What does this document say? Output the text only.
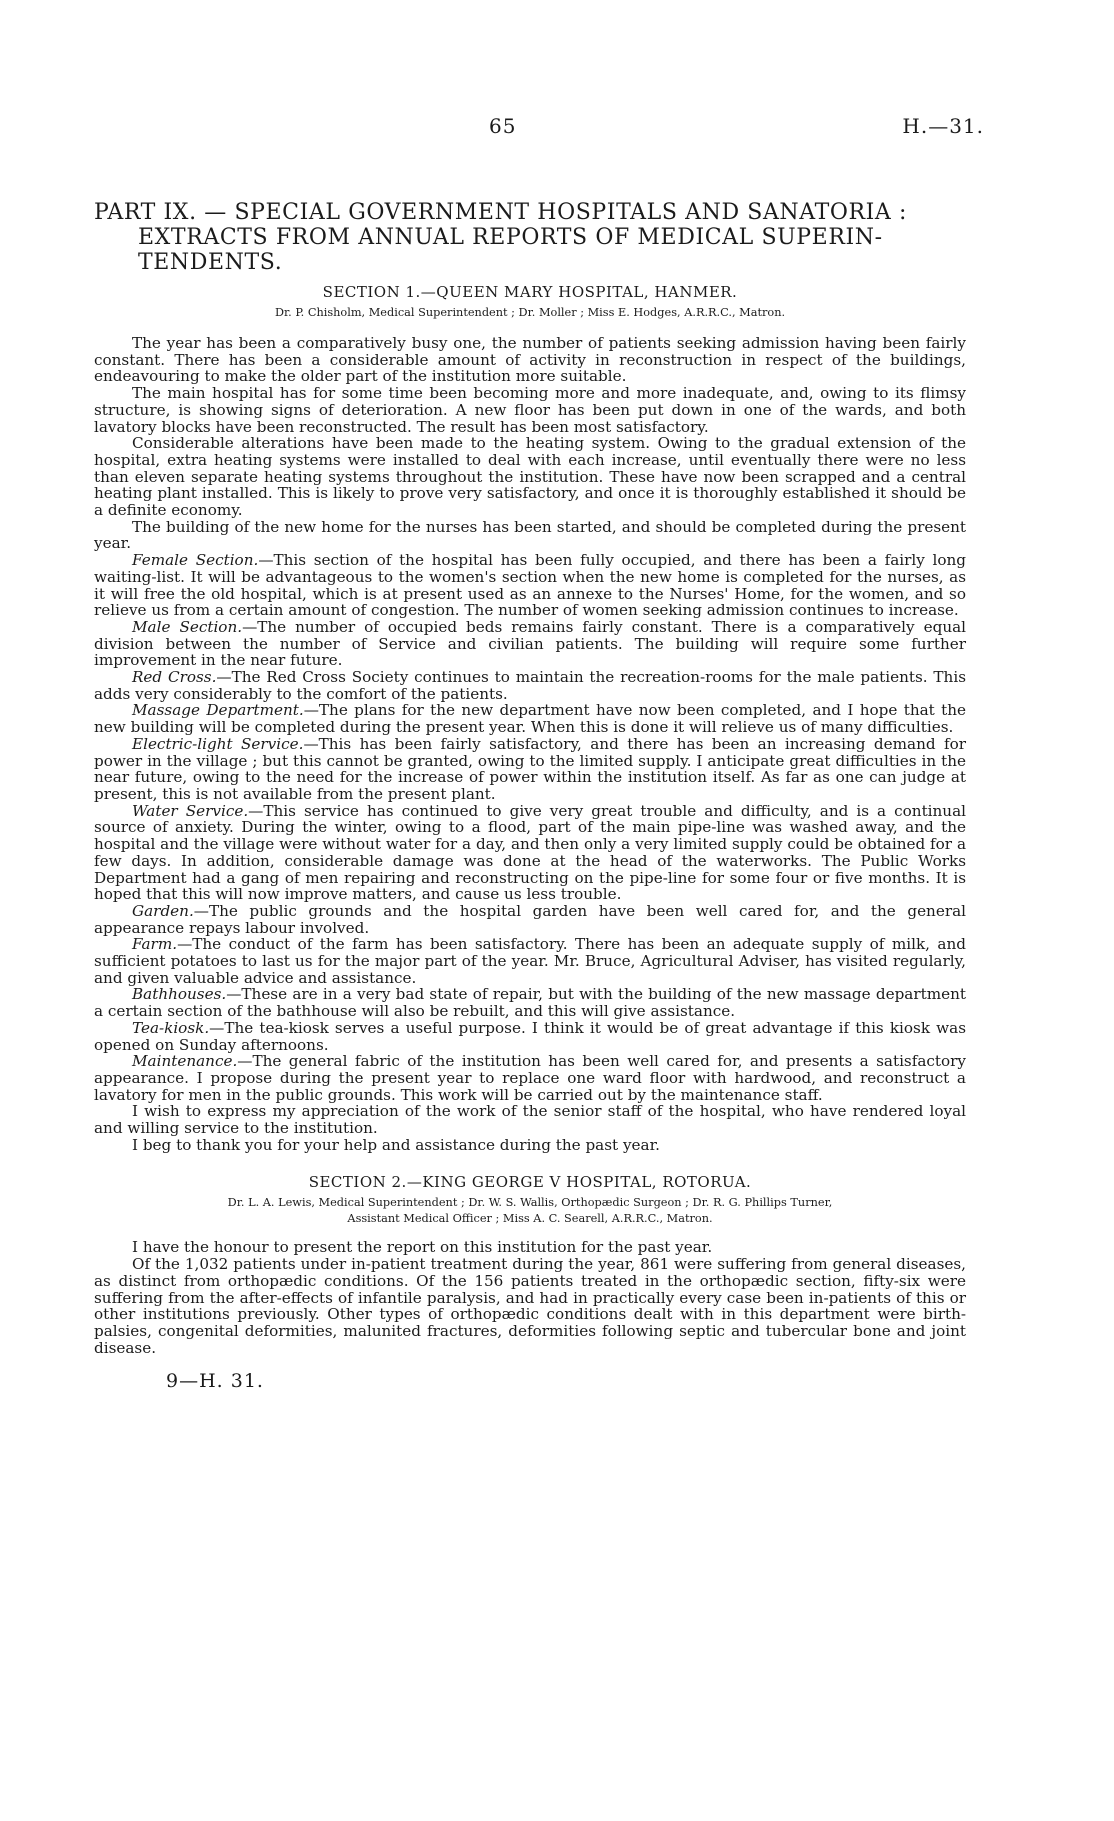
65	H.—31.
PART IX. — SPECIAL GOVERNMENT HOSPITALS AND SANATORIA :
EXTRACTS FROM ANNUAL REPORTS OF MEDICAL SUPERIN-
TENDENTS.
SECTION 1.—QUEEN MARY HOSPITAL, HANMER.
Dr. P. Chisholm, Medical Superintendent ; Dr. Moller ; Miss E. Hodges, A.R.R.C., Matron.

The year has been a comparatively busy one, the number of patients seeking admission having been fairly constant. There has been a considerable amount of activity in reconstruction in respect of the buildings, endeavouring to make the older part of the institution more suitable.

The main hospital has for some time been becoming more and more inadequate, and, owing to its flimsy structure, is showing signs of deterioration. A new floor has been put down in one of the wards, and both lavatory blocks have been reconstructed. The result has been most satisfactory.

Considerable alterations have been made to the heating system. Owing to the gradual extension of the hospital, extra heating systems were installed to deal with each increase, until eventually there were no less than eleven separate heating systems throughout the institution. These have now been scrapped and a central heating plant installed. This is likely to prove very satisfactory, and once it is thoroughly established it should be a definite economy.

The building of the new home for the nurses has been started, and should be completed during the present year.

Female Section.—This section of the hospital has been fully occupied, and there has been a fairly long waiting-list. It will be advantageous to the women's section when the new home is completed for the nurses, as it will free the old hospital, which is at present used as an annexe to the Nurses' Home, for the women, and so relieve us from a certain amount of congestion. The number of women seeking admission continues to increase.

Male Section.—The number of occupied beds remains fairly constant. There is a comparatively equal division between the number of Service and civilian patients. The building will require some further improvement in the near future.

Red Cross.—The Red Cross Society continues to maintain the recreation-rooms for the male patients. This adds very considerably to the comfort of the patients.

Massage Department.—The plans for the new department have now been completed, and I hope that the new building will be completed during the present year. When this is done it will relieve us of many difficulties.

Electric-light Service.—This has been fairly satisfactory, and there has been an increasing demand for power in the village ; but this cannot be granted, owing to the limited supply. I anticipate great difficulties in the near future, owing to the need for the increase of power within the institution itself. As far as one can judge at present, this is not available from the present plant.

Water Service.—This service has continued to give very great trouble and difficulty, and is a continual source of anxiety. During the winter, owing to a flood, part of the main pipe-line was washed away, and the hospital and the village were without water for a day, and then only a very limited supply could be obtained for a few days. In addition, considerable damage was done at the head of the waterworks. The Public Works Department had a gang of men repairing and reconstructing on the pipe-line for some four or five months. It is hoped that this will now improve matters, and cause us less trouble.

Garden.—The public grounds and the hospital garden have been well cared for, and the general appearance repays labour involved.

Farm.—The conduct of the farm has been satisfactory. There has been an adequate supply of milk, and sufficient potatoes to last us for the major part of the year. Mr. Bruce, Agricultural Adviser, has visited regularly, and given valuable advice and assistance.

Bathhouses.—These are in a very bad state of repair, but with the building of the new massage department a certain section of the bathhouse will also be rebuilt, and this will give assistance.

Tea-kiosk.—The tea-kiosk serves a useful purpose. I think it would be of great advantage if this kiosk was opened on Sunday afternoons.

Maintenance.—The general fabric of the institution has been well cared for, and presents a satisfactory appearance. I propose during the present year to replace one ward floor with hardwood, and reconstruct a lavatory for men in the public grounds. This work will be carried out by the maintenance staff.

I wish to express my appreciation of the work of the senior staff of the hospital, who have rendered loyal and willing service to the institution.

I beg to thank you for your help and assistance during the past year.

SECTION 2.—KING GEORGE V HOSPITAL, ROTORUA.
Dr. L. A. Lewis, Medical Superintendent ; Dr. W. S. Wallis, Orthopædic Surgeon ; Dr. R. G. Phillips Turner,
Assistant Medical Officer ; Miss A. C. Searell, A.R.R.C., Matron.

I have the honour to present the report on this institution for the past year.

Of the 1,032 patients under in-patient treatment during the year, 861 were suffering from general diseases, as distinct from orthopædic conditions. Of the 156 patients treated in the orthopædic section, fifty-six were suffering from the after-effects of infantile paralysis, and had in practically every case been in-patients of this or other institutions previously. Other types of orthopædic conditions dealt with in this department were birth-palsies, congenital deformities, malunited fractures, deformities following septic and tubercular bone and joint disease.

9—H. 31.
